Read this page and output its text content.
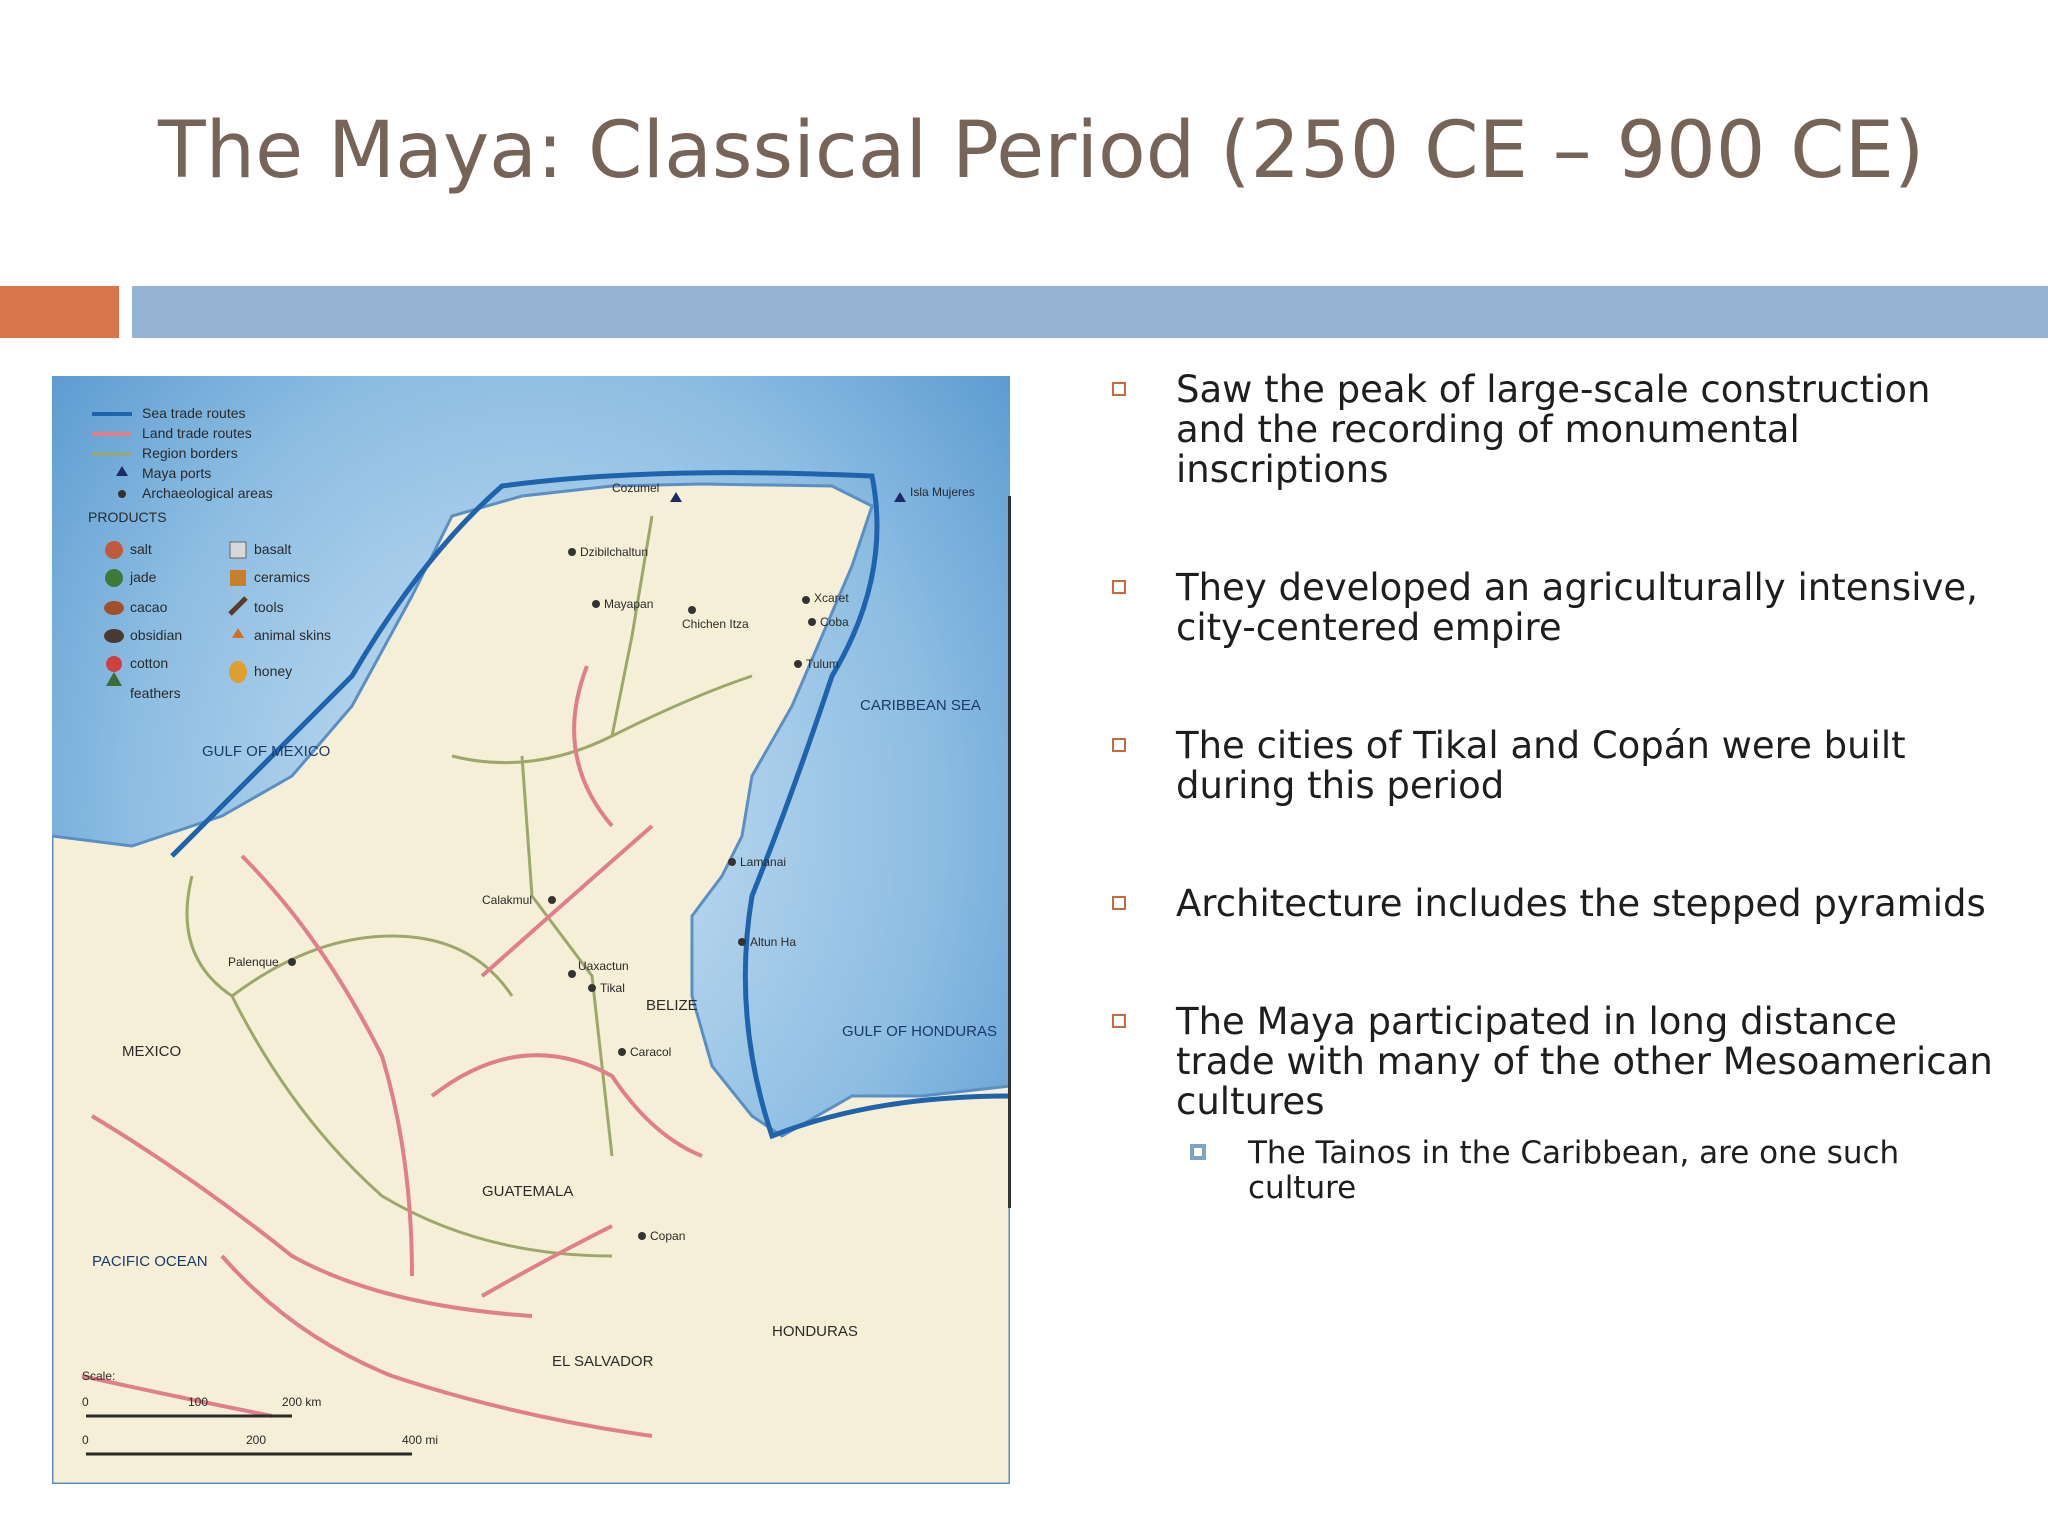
The Maya: Classical Period (250 CE – 900 CE)
Sea trade routes
Land trade routes
Region borders
Maya ports
Archaeological areas
PRODUCTS
salt
jade
cacao
obsidian
cotton
feathers
basalt
ceramics
tools
animal skins
honey
GULF OF MEXICO
CARIBBEAN SEA
GULF OF HONDURAS
PACIFIC OCEAN
MEXICO
GUATEMALA
BELIZE
HONDURAS
EL SALVADOR
Cozumel
Chichen Itza
Mayapan
Tikal
Calakmul
Palenque	Uaxactun
Caracol
Copan
Dzibilchaltun
Tulum
Coba
Isla Mujeres
Lamanai
Altun Ha
Xcaret
Scale:
0	100	200 km
0	200	400 mi
Saw the peak of large-scale construction and the recording of monumental inscriptions
They developed an agriculturally intensive, city-centered empire
The cities of Tikal and Copán were built during this period
Architecture includes the stepped pyramids
The Maya participated in long distance trade with many of the other Mesoamerican cultures
The Tainos in the Caribbean, are one such culture
